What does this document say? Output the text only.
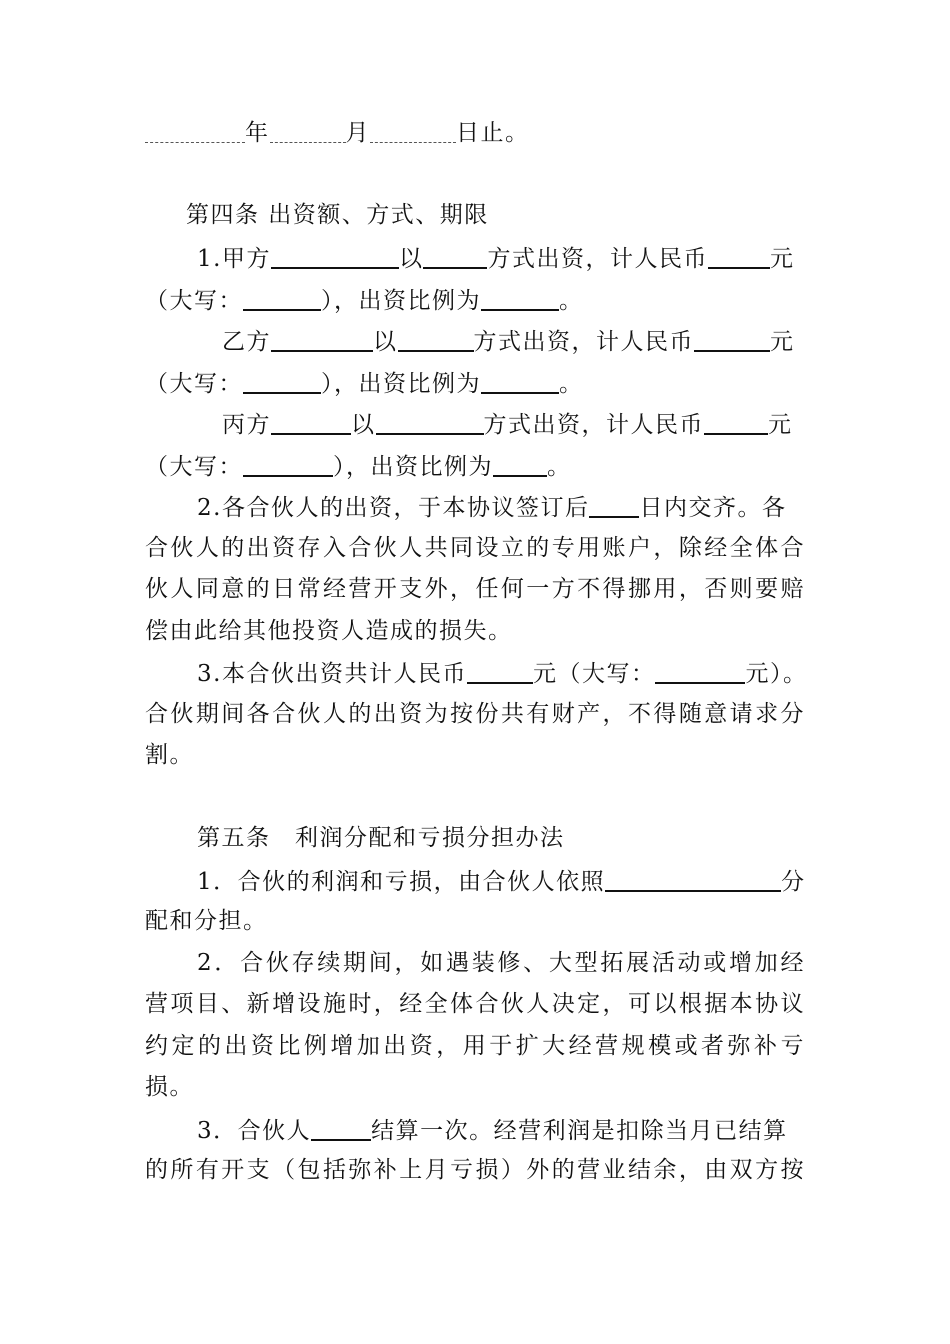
年	月	日止。
第四条 出资额、方式、期限
1.甲方	以	方式出资，计人民币	元
（大写：	），出资比例为	。
乙方	以	方式出资，计人民币	元
（大写：	），出资比例为	。
丙方	以	方式出资，计人民币	元
（大写：	），出资比例为 。
2.各合伙人的出资，于本协议签订后 日内交齐。各
合伙人的出资存入合伙人共同设立的专用账户，除经全体合
伙人同意的日常经营开支外，任何一方不得挪用，否则要赔
偿由此给其他投资人造成的损失。
3.本合伙出资共计人民币	元（大写：	元）。
合伙期间各合伙人的出资为按份共有财产，不得随意请求分
割。
第五条　利润分配和亏损分担办法
1．合伙的利润和亏损，由合伙人依照	分
配和分担。
2．合伙存续期间，如遇装修、大型拓展活动或增加经
营项目、新增设施时，经全体合伙人决定，可以根据本协议
约定的出资比例增加出资，用于扩大经营规模或者弥补亏
损。
3．合伙人	结算一次。经营利润是扣除当月已结算
的所有开支（包括弥补上月亏损）外的营业结余，由双方按
